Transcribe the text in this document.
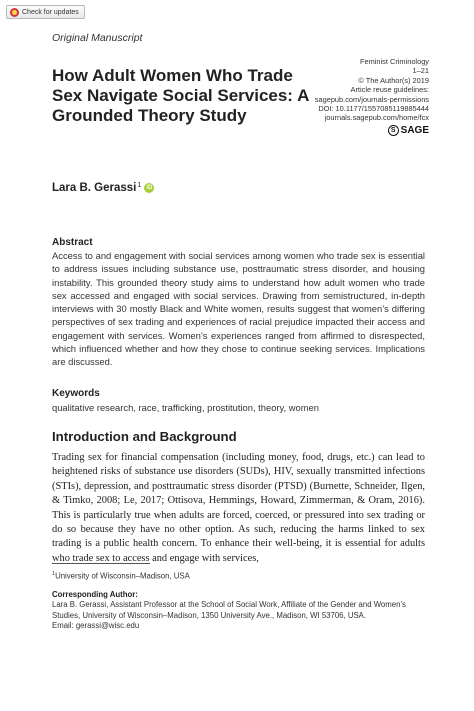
Check for updates
Original Manuscript
How Adult Women Who Trade Sex Navigate Social Services: A Grounded Theory Study
Feminist Criminology
1–21
© The Author(s) 2019
Article reuse guidelines:
sagepub.com/journals-permissions
DOI: 10.1177/1557085119885444
journals.sagepub.com/home/fcx
S SAGE
Lara B. Gerassi$^1$ iD
Abstract

Access to and engagement with social services among women who trade sex is essential to address issues including substance use, posttraumatic stress disorder, and housing instability. This grounded theory study aims to understand how adult women who trade sex accessed and engaged with social services. Drawing from semistructured, in-depth interviews with 30 mostly Black and White women, results suggest that women’s differing perspectives of sex trading and experiences of racial prejudice impacted their access and engagement with services. Women’s experiences ranged from affirmed to disrespected, which influenced whether and how they chose to continue seeking services. Implications are discussed.

Keywords
qualitative research, race, trafficking, prostitution, theory, women
Introduction and Background

Trading sex for financial compensation (including money, food, drugs, etc.) can lead to heightened risks of substance use disorders (SUDs), HIV, sexually transmitted infections (STIs), depression, and posttraumatic stress disorder (PTSD) (Burnette, Schneider, Ilgen, & Timko, 2008; Le, 2017; Ottisova, Hemmings, Howard, Zimmerman, & Oram, 2016). This is particularly true when adults are forced, coerced, or pressured into sex trading or do so because they have no other option. As such, reducing the harms linked to sex trading is a public health concern. To enhance their well-being, it is essential for adults who trade sex to access and engage with services,

$^1$University of Wisconsin–Madison, USA
Corresponding Author:
Lara B. Gerassi, Assistant Professor at the School of Social Work, Affiliate of the Gender and Women’s Studies, University of Wisconsin–Madison, 1350 University Ave., Madison, WI 53706, USA.
Email: gerassi@wisc.edu
